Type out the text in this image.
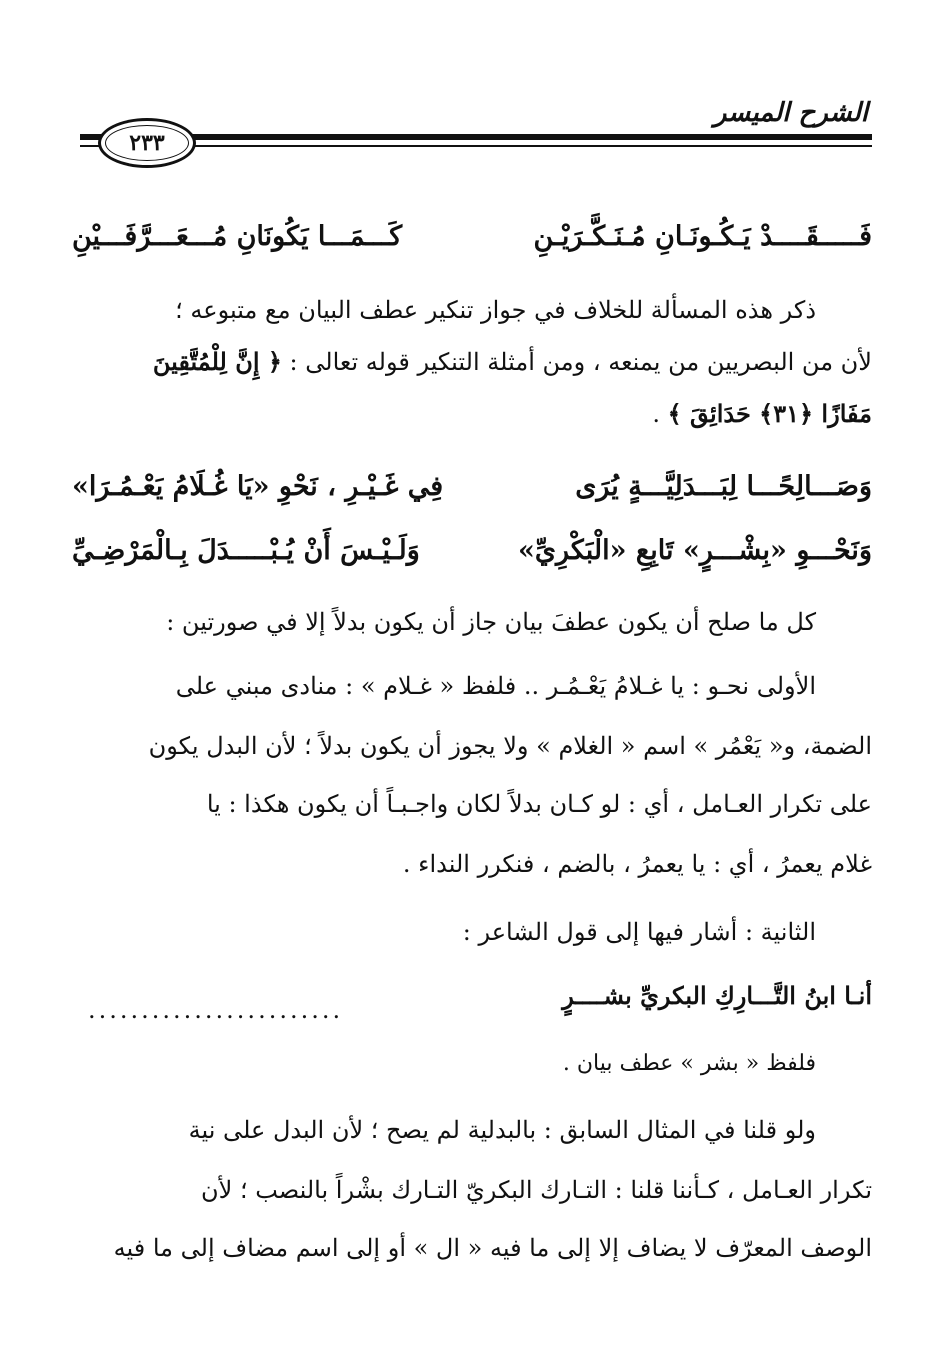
الشرح الميسر
٢٣٣
فَـــــقَــــدْ يَـكُـونَـانِ مُـنَـكَّـرَيْـنِ
كَـــمَـــا يَكُونَانِ مُـــعَـــرَّفَـــيْنِ
ذكر هذه المسألة للخلاف في جواز تنكير عطف البيان مع متبوعه ؛
لأن من البصريين من يمنعه ، ومن أمثلة التنكير قوله تعالى : ﴿ إِنَّ لِلْمُتَّقِينَ
مَفَازًا ﴿٣١﴾ حَدَائِقَ ﴾ .
وَصَـــالِحًـــا لِبَـــدَلِيَّـــةٍ يُرَى
فِي غَـيْـرِ ، نَحْوِ «يَا غُـلَامُ يَعْـمُـرَا»
وَنَحْـــوِ «بِشْـــرٍ» تَابِعِ «الْبَكْرِيِّ»
وَلَـيْـسَ أَنْ يُـبْـــــدَلَ بِـالْمَرْضِـيِّ
كل ما صلح أن يكون عطفَ بيان جاز أن يكون بدلاً إلا في صورتين :
الأولى نحـو : يا غـلامُ يَعْـمُـر .. فلفظ « غـلام » : منادى مبني على
الضمة، و« يَعْمُر » اسم « الغلام » ولا يجوز أن يكون بدلاً ؛ لأن البدل يكون
على تكرار العـامل ، أي : لو كـان بدلاً لكان واجـبـاً أن يكون هكذا : يا
غلام يعمرُ ، أي : يا يعمرُ ، بالضم ، فنكرر النداء .
الثانية : أشار فيها إلى قول الشاعر :
أنـا ابنُ التَّـــارِكِ البكريِّ بشــــرٍ
........................
فلفظ « بشر » عطف بيان .
ولو قلنا في المثال السابق : بالبدلية لم يصح ؛ لأن البدل على نية
تكرار العـامل ، كـأننا قلنا : التـارك البكريّ التـارك بشْراً بالنصب ؛ لأن
الوصف المعرّف لا يضاف إلا إلى ما فيه « ال » أو إلى اسم مضاف إلى ما فيه
